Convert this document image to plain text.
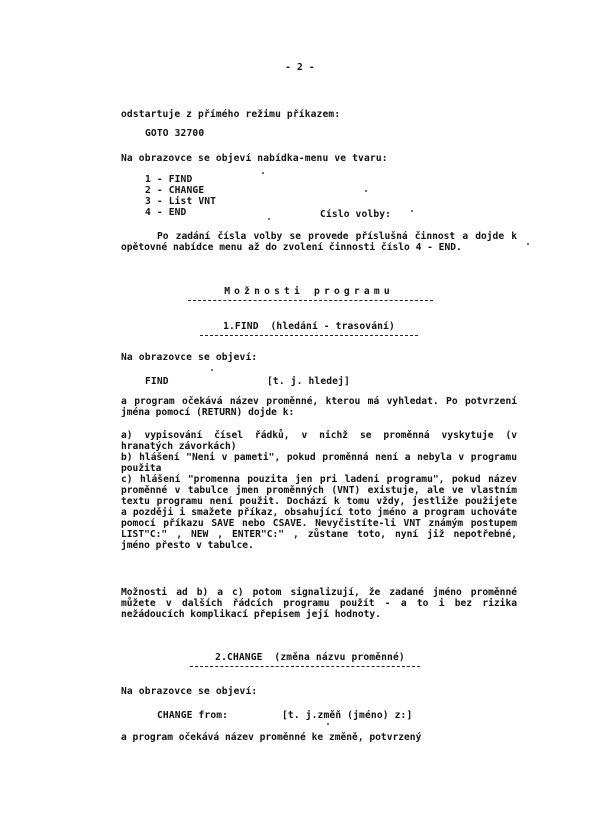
- 2 -
odstartuje z přímého režimu příkazem:
GOTO 32700
Na obrazovce se objeví nabídka-menu ve tvaru:
1 - FIND
2 - CHANGE
3 - List VNT
4 - END	Císlo volby:
Po zadání čísla volby se provede příslušná činnost a dojde k opětovné nabídce menu až do zvolení činnosti číslo 4 - END.
Možnosti programu
1.FIND  (hledání - trasování)
Na obrazovce se objeví:
FIND	[t. j. hledej]
a program očekává název proměnné, kterou má vyhledat. Po potvrzení jména pomocí (RETURN) dojde k:
a) vypisování čísel řádků, v nichž se proměnná vyskytuje (v hranatých závorkách)
b) hlášení "Neni v pameti", pokud proměnná není a nebyla v programu použita
c) hlášení "promenna pouzita jen pri ladeni programu", pokud název proměnné v tabulce jmen proměnných (VNT) existuje, ale ve vlastním textu programu není použit. Dochází k tomu vždy, jestliže použijete a později i smažete příkaz, obsahující toto jméno a program uchováte pomocí příkazu SAVE nebo CSAVE. Nevyčistíte-li VNT známým postupem LIST"C:" , NEW , ENTER"C:" , zůstane toto, nyní již nepotřebné, jméno přesto v tabulce.
Možnosti ad b) a c) potom signalizují, že zadané jméno proměnné můžete v dalších řádcích programu použít - a to i bez rizika nežádoucích komplikací přepisem její hodnoty.
2.CHANGE  (změna názvu proměnné)
Na obrazovce se objeví:
CHANGE from:	[t. j.změň (jméno) z:]
a program očekává název proměnné ke změně, potvrzený
